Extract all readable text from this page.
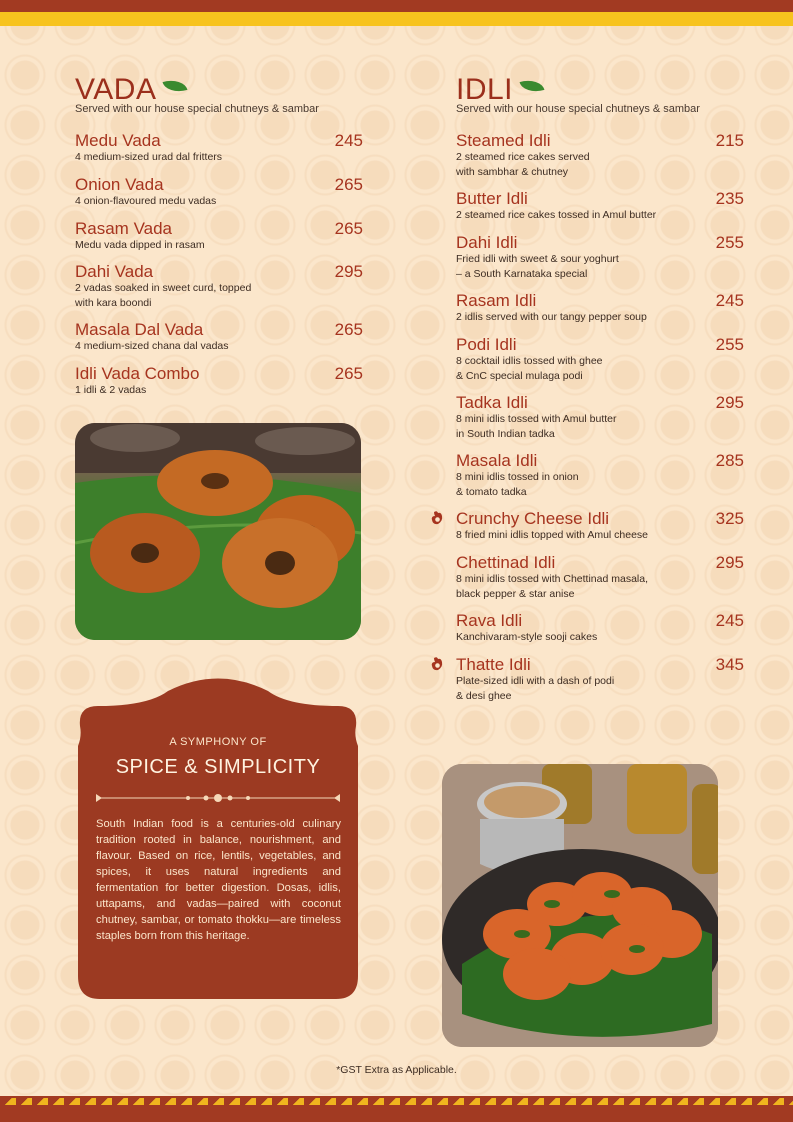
VADA
Served with our house special chutneys & sambar
Medu Vada	245
4 medium-sized urad dal fritters
Onion Vada	265
4 onion-flavoured medu vadas
Rasam Vada	265
Medu vada dipped in rasam
Dahi Vada	295
2 vadas soaked in sweet curd, topped
with kara boondi
Masala Dal Vada	265
4 medium-sized chana dal vadas
Idli Vada Combo	265
1 idli & 2 vadas
IDLI
Served with our house special chutneys & sambar
Steamed Idli	215
2 steamed rice cakes served
with sambhar & chutney
Butter Idli	235
2 steamed rice cakes tossed in Amul butter
Dahi Idli	255
Fried idli with sweet & sour yoghurt
– a South Karnataka special
Rasam Idli	245
2 idlis served with our tangy pepper soup
Podi Idli	255
8 cocktail idlis tossed with ghee
& CnC special mulaga podi
Tadka Idli	295
8 mini idlis tossed with Amul butter
in South Indian tadka
Masala Idli	285
8 mini idlis tossed in onion
& tomato tadka
Crunchy Cheese Idli	325
8 fried mini idlis topped with Amul cheese
Chettinad Idli	295
8 mini idlis tossed with Chettinad masala,
black pepper & star anise
Rava Idli	245
Kanchivaram-style sooji cakes
Thatte Idli	345
Plate-sized idli with a dash of podi
& desi ghee
A SYMPHONY OF
SPICE & SIMPLICITY
South Indian food is a centuries-old culinary tradition rooted in balance, nourishment, and flavour. Based on rice, lentils, vegetables, and spices, it uses natural ingredients and fermentation for better digestion. Dosas, idlis, uttapams, and vadas—paired with coconut chutney, sambar, or tomato thokku—are timeless staples born from this heritage.
*GST Extra as Applicable.
